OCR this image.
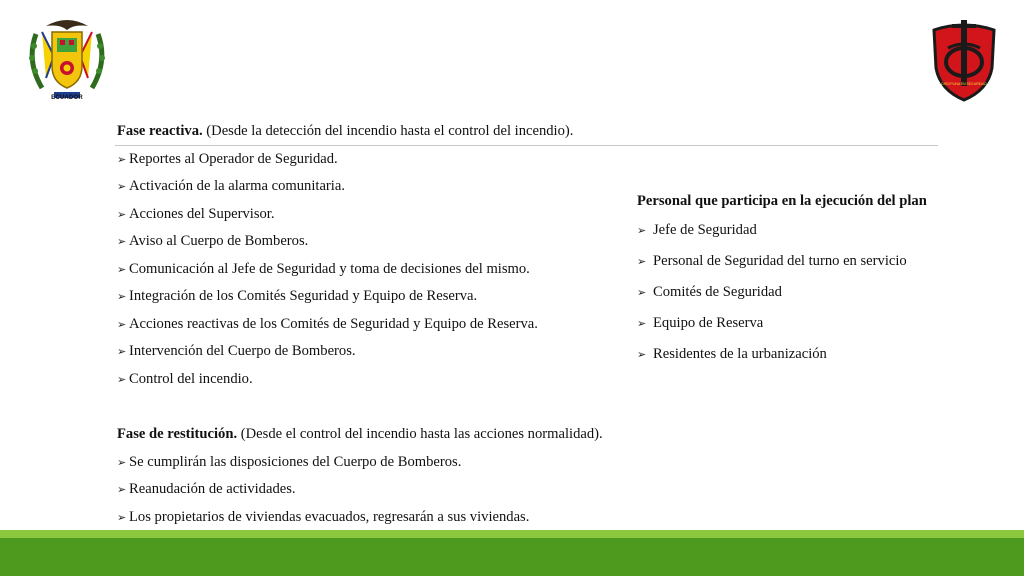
ECUADOR
DISCIPLINA EN SEGURIDAD
Fase reactiva. (Desde la detección del incendio hasta el control del incendio).
➢ Reportes al Operador de Seguridad.
➢ Activación de la alarma comunitaria.
➢ Acciones del Supervisor.
➢ Aviso al Cuerpo de Bomberos.
➢ Comunicación al Jefe de Seguridad y toma de decisiones del mismo.
➢ Integración de los Comités Seguridad y Equipo de Reserva.
➢ Acciones reactivas de los Comités de Seguridad y Equipo de Reserva.
➢ Intervención del Cuerpo de Bomberos.
➢ Control del incendio.
Fase de restitución. (Desde el control del incendio hasta las acciones normalidad).
➢ Se cumplirán las disposiciones del Cuerpo de Bomberos.
➢ Reanudación de actividades.
➢ Los propietarios de viviendas evacuados, regresarán a sus viviendas.
Personal que participa en la ejecución del plan
➢ Jefe de Seguridad
➢ Personal de Seguridad del turno en servicio
➢ Comités de Seguridad
➢ Equipo de Reserva
➢ Residentes de la urbanización
